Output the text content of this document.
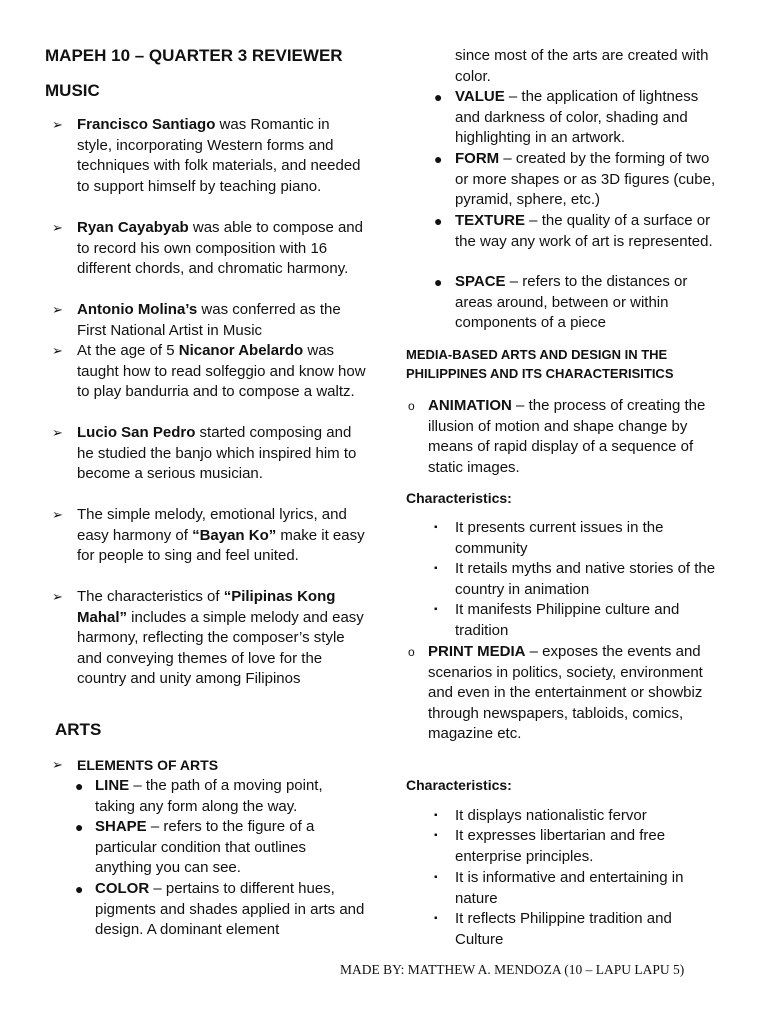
MAPEH 10 – QUARTER 3 REVIEWER
MUSIC
➢ Francisco Santiago was Romantic in style, incorporating Western forms and techniques with folk materials, and needed to support himself by teaching piano.
➢ Ryan Cayabyab was able to compose and to record his own composition with 16 different chords, and chromatic harmony.
➢ Antonio Molina’s was conferred as the First National Artist in Music
➢ At the age of 5 Nicanor Abelardo was taught how to read solfeggio and know how to play bandurria and to compose a waltz.
➢ Lucio San Pedro started composing and he studied the banjo which inspired him to become a serious musician.
➢ The simple melody, emotional lyrics, and easy harmony of “Bayan Ko” make it easy for people to sing and feel united.
➢ The characteristics of “Pilipinas Kong Mahal” includes a simple melody and easy harmony, reflecting the composer’s style and conveying themes of love for the country and unity among Filipinos
ARTS
➢ ELEMENTS OF ARTS
● LINE – the path of a moving point, taking any form along the way.
● SHAPE – refers to the figure of a particular condition that outlines anything you can see.
● COLOR – pertains to different hues, pigments and shades applied in arts and design. A dominant element
since most of the arts are created with color.
● VALUE – the application of lightness and darkness of color, shading and highlighting in an artwork.
● FORM – created by the forming of two or more shapes or as 3D figures (cube, pyramid, sphere, etc.)
● TEXTURE – the quality of a surface or the way any work of art is represented.
● SPACE – refers to the distances or areas around, between or within components of a piece
MEDIA-BASED ARTS AND DESIGN IN THE PHILIPPINES AND ITS CHARACTERISITICS
o ANIMATION – the process of creating the illusion of motion and shape change by means of rapid display of a sequence of static images.
Characteristics:
▪ It presents current issues in the community
▪ It retails myths and native stories of the country in animation
▪ It manifests Philippine culture and tradition
o PRINT MEDIA – exposes the events and scenarios in politics, society, environment and even in the entertainment or showbiz through newspapers, tabloids, comics, magazine etc.
Characteristics:
▪ It displays nationalistic fervor
▪ It expresses libertarian and free enterprise principles.
▪ It is informative and entertaining in nature
▪ It reflects Philippine tradition and Culture
MADE BY: MATTHEW A. MENDOZA (10 – LAPU LAPU 5)
